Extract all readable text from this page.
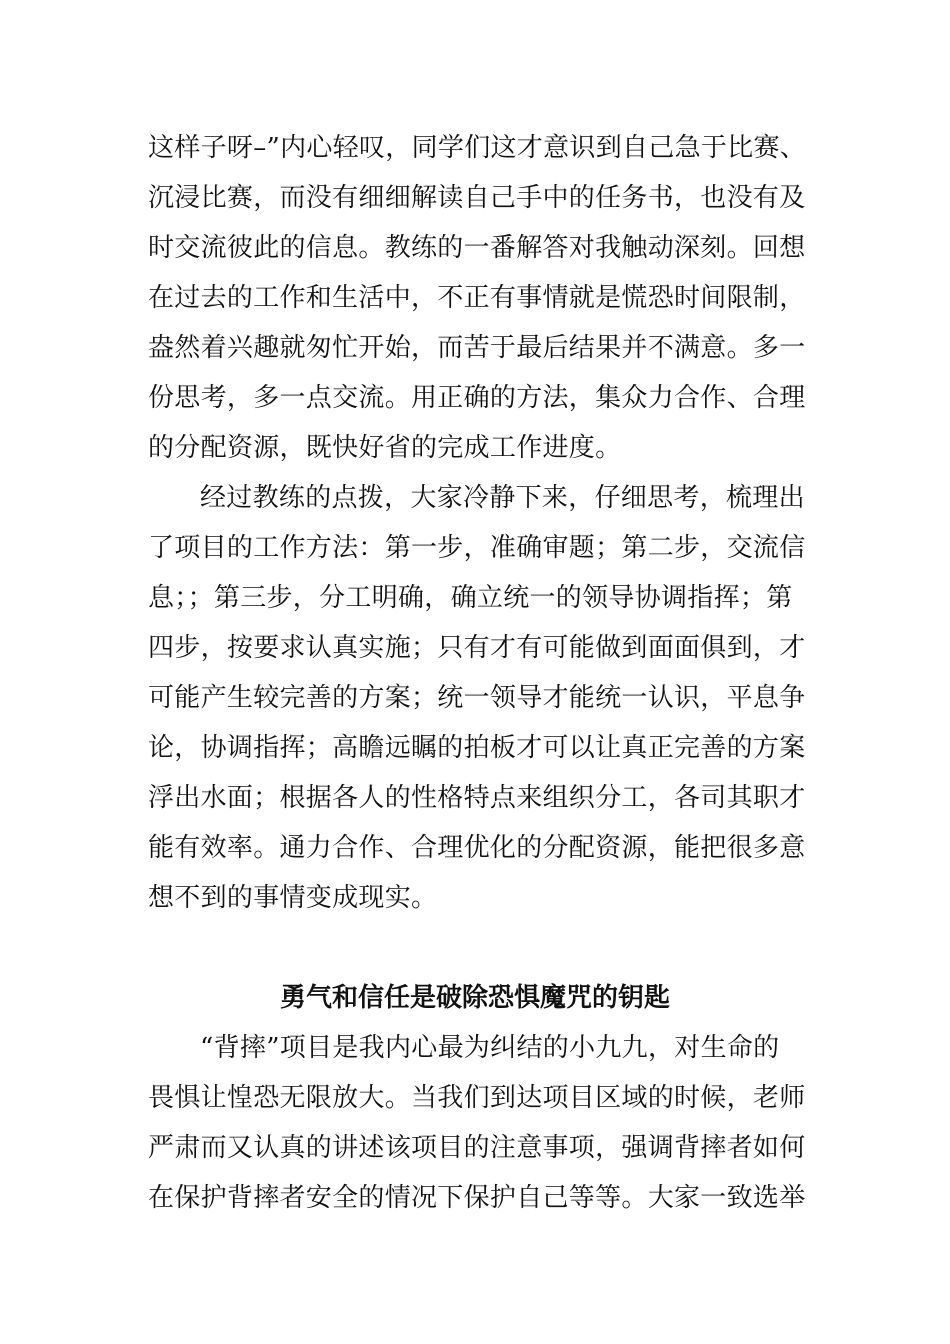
这样子呀–”内心轻叹，同学们这才意识到自己急于比赛、
沉浸比赛，而没有细细解读自己手中的任务书，也没有及
时交流彼此的信息。教练的一番解答对我触动深刻。回想
在过去的工作和生活中，不正有事情就是慌恐时间限制，
盎然着兴趣就匆忙开始，而苦于最后结果并不满意。多一
份思考，多一点交流。用正确的方法，集众力合作、合理
的分配资源，既快好省的完成工作进度。
经过教练的点拨，大家冷静下来，仔细思考，梳理出
了项目的工作方法：第一步，准确审题；第二步，交流信
息；；第三步，分工明确，确立统一的领导协调指挥；第
四步，按要求认真实施；只有才有可能做到面面俱到，才
可能产生较完善的方案；统一领导才能统一认识，平息争
论，协调指挥；高瞻远瞩的拍板才可以让真正完善的方案
浮出水面；根据各人的性格特点来组织分工，各司其职才
能有效率。通力合作、合理优化的分配资源，能把很多意
想不到的事情变成现实。
勇气和信任是破除恐惧魔咒的钥匙
“背摔”项目是我内心最为纠结的小九九，对生命的
畏惧让惶恐无限放大。当我们到达项目区域的时候，老师
严肃而又认真的讲述该项目的注意事项，强调背摔者如何
在保护背摔者安全的情况下保护自己等等。大家一致选举
